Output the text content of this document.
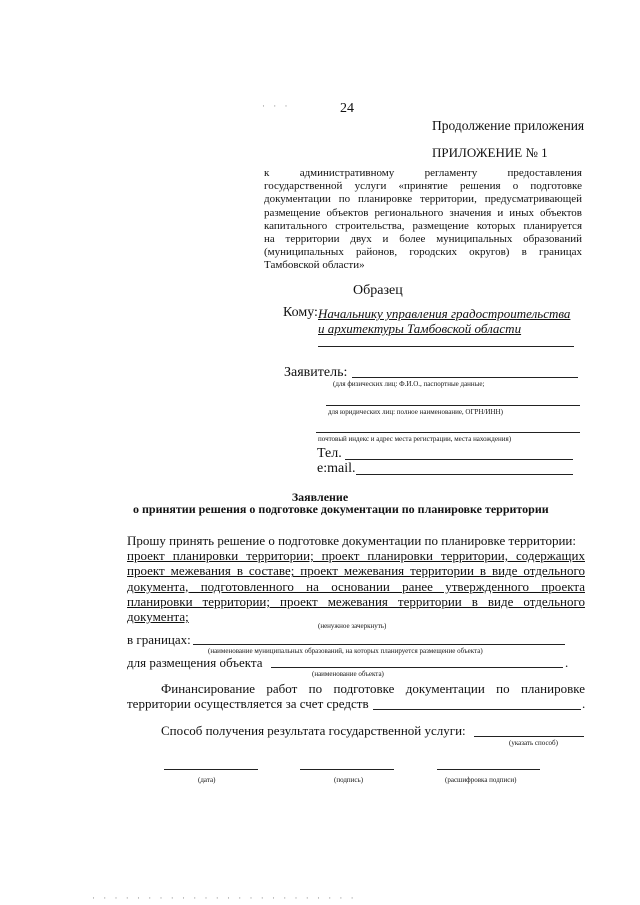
· · ·	24
Продолжение приложения
ПРИЛОЖЕНИЕ № 1
к административному регламенту предоставления
государственной услуги «принятие решения о подготовке
документации по планировке территории, предусматривающей
размещение объектов регионального значения и иных объектов
капитального строительства, размещение которых планируется
на территории двух и более муниципальных образований
(муниципальных районов, городских округов) в границах
Тамбовской области»
Образец
Кому: Начальнику управления градостроительства
и архитектуры Тамбовской области
Заявитель:
(для физических лиц: Ф.И.О., паспортные данные;
для юридических лиц: полное наименование, ОГРН/ИНН)
почтовый индекс и адрес места регистрации, места нахождения)
Тел.
e:mail.
Заявление
о принятии решения о подготовке документации по планировке территории
Прошу принять решение о подготовке документации по планировке территории:
проект планировки территории; проект планировки территории, содержащих
проект межевания в составе; проект межевания территории в виде отдельного
документа, подготовленного на основании ранее утвержденного проекта
планировки территории; проект межевания территории в виде отдельного
документа;
(ненужное зачеркнуть)
в границах:
(наименование муниципальных образований, на которых планируется размещение объекта)
для размещения объекта	.
(наименование объекта)
Финансирование работ по подготовке документации по планировке
территории осуществляется за счет средств	.
Способ получения результата государственной услуги:
(указать способ)
(дата)	(подпись)	(расшифровка подписи)
· · · · · · · · · · · · · · · · · · · · · · · ·
